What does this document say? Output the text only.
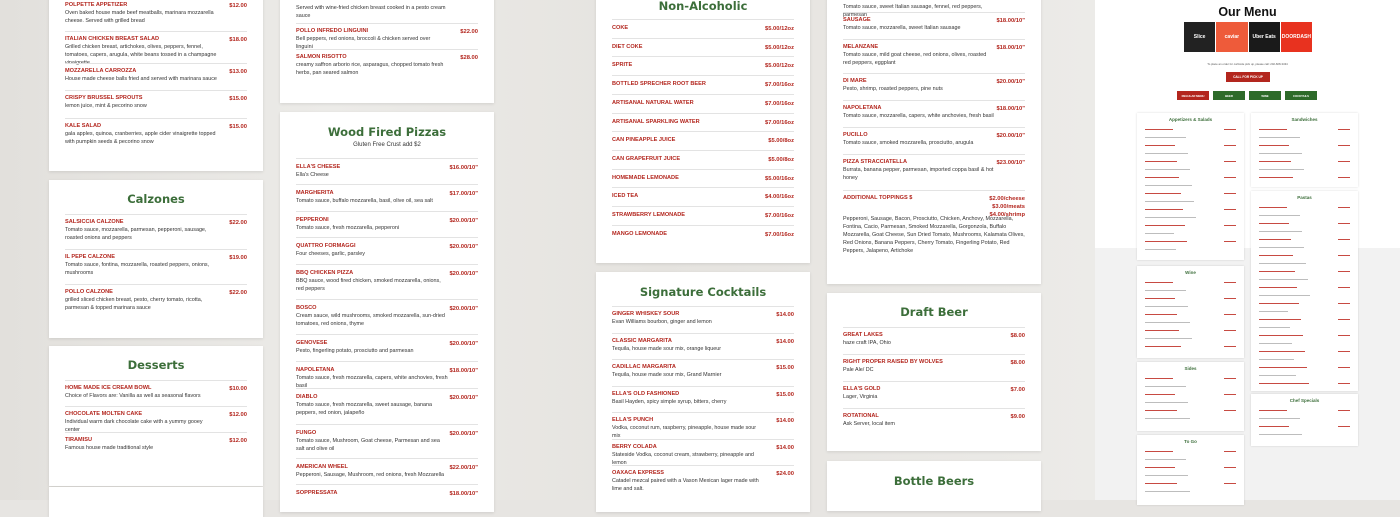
POLPETTE APPETIZER
Oven baked house made beef meatballs, marinara mozzarella cheese. Served with grilled bread
$12.00
ITALIAN CHICKEN BREAST SALAD
Grilled chicken breast, artichokes, olives, peppers, fennel, tomatoes, capers, arugula, white beans tossed in a champagne vinaigrette
$18.00
MOZZARELLA CARROZZA
House made cheese balls fried and served with marinara sauce
$13.00
CRISPY BRUSSEL SPROUTS
lemon juice, mint & pecorino snow
$15.00
KALE SALAD
gala apples, quinoa, cranberries, apple cider vinaigrette topped with pumpkin seeds & pecorino snow
$15.00
Calzones
SALSICCIA CALZONE
Tomato sauce, mozzarella, parmesan, pepperoni, sausage, roasted onions and peppers
$22.00
IL PEPE CALZONE
Tomato sauce, fontina, mozzarella, roasted peppers, onions, mushrooms
$19.00
POLLO CALZONE
grilled sliced chicken breast, pesto, cherry tomato, ricotta, parmesan & topped marinara sauce
$22.00
Desserts
HOME MADE ICE CREAM BOWL
Choice of Flavors are: Vanilla as well as seasonal flavors
$10.00
CHOCOLATE MOLTEN CAKE
Individual warm dark chocolate cake with a yummy gooey center
$12.00
TIRAMISU
Famous house made traditional style
$12.00
Served with wine-fried chicken breast cooked in a pesto cream sauce
POLLO INFREDO LINGUINI
Bell peppers, red onions, broccoli & chicken served over linguini
$22.00
SALMON RISOTTO
creamy saffron arborio rice, asparagus, chopped tomato fresh herbs, pan seared salmon
$28.00
Wood Fired Pizzas
Gluten Free Crust add $2
ELLA'S CHEESE
Ella's Cheese
$16.00/10"
MARGHERITA
Tomato sauce, buffalo mozzarella, basil, olive oil, sea salt
$17.00/10"
PEPPERONI
Tomato sauce, fresh mozzarella, pepperoni
$20.00/10"
QUATTRO FORMAGGI
Four cheeses, garlic, parsley
$20.00/10"
BBQ CHICKEN PIZZA
BBQ sauce, wood fired chicken, smoked mozzarella, onions, red peppers
$20.00/10"
BOSCO
Cream sauce, wild mushrooms, smoked mozzarella, sun-dried tomatoes, red onions, thyme
$20.00/10"
GENOVESE
Pesto, fingerling potato, prosciutto and parmesan
$20.00/10"
NAPOLETANA
Tomato sauce, fresh mozzarella, capers, white anchovies, fresh basil
$18.00/10"
DIABLO
Tomato sauce, fresh mozzarella, sweet sausage, banana peppers, red onion, jalapeño
$20.00/10"
FUNGO
Tomato sauce, Mushroom, Goat cheese, Parmesan and sea salt and olive oil
$20.00/10"
AMERICAN WHEEL
Pepperoni, Sausage, Mushroom, red onions, fresh Mozzarella
$22.00/10"
SOPPRESSATA	$18.00/10"
Non-Alcoholic
COKE	$5.00/12oz
DIET COKE	$5.00/12oz
SPRITE	$5.00/12oz
BOTTLED SPRECHER ROOT BEER	$7.00/16oz
ARTISANAL NATURAL WATER	$7.00/16oz
ARTISANAL SPARKLING WATER	$7.00/16oz
CAN PINEAPPLE JUICE	$5.00/8oz
CAN GRAPEFRUIT JUICE	$5.00/8oz
HOMEMADE LEMONADE	$5.00/16oz
ICED TEA	$4.00/16oz
STRAWBERRY LEMONADE	$7.00/16oz
MANGO LEMONADE	$7.00/16oz
Signature Cocktails
GINGER WHISKEY SOUR
Evan Williams bourbon, ginger and lemon
$14.00
CLASSIC MARGARITA
Tequila, house made sour mix, orange liqueur
$14.00
CADILLAC MARGARITA
Tequila, house made sour mix, Grand Marnier
$15.00
ELLA'S OLD FASHIONED
Basil Hayden, spicy simple syrup, bitters, cherry
$15.00
ELLA'S PUNCH
Vodka, coconut rum, raspberry, pineapple, house made sour mix
$14.00
BERRY COLADA
Stateside Vodka, coconut cream, strawberry, pineapple and lemon
$14.00
OAXACA EXPRESS
Catadel mezcal paired with a Vason Mexican lager made with lime and salt.
$24.00
Tomato sauce, sweet Italian sausage, fennel, red peppers, parmesan
SAUSAGE
Tomato sauce, mozzarella, sweet Italian sausage
$18.00/10"
MELANZANE
Tomato sauce, mild goat cheese, red onions, olives, roasted red peppers, eggplant
$18.00/10"
DI MARE
Pesto, shrimp, roasted peppers, pine nuts
$20.00/10"
NAPOLETANA
Tomato sauce, mozzarella, capers, white anchovies, fresh basil
$18.00/10"
PUCILLO
Tomato sauce, smoked mozzarella, prosciutto, arugula
$20.00/10"
PIZZA STRACCIATELLA
Burrata, banana pepper, parmesan, imported coppa basil & hot honey
$23.00/10"
ADDITIONAL TOPPINGS $
Pepperoni, Sausage, Bacon, Prosciutto, Chicken, Anchovy, Mozzarella, Fontina, Cacio, Parmesan, Smoked Mozzarella, Gorgonzola, Buffalo Mozzarella, Goat Cheese, Sun Dried Tomato, Mushrooms, Kalamata Olives, Red Onions, Banana Peppers, Cherry Tomato, Fingerling Potato, Red Peppers, Jalapeno, Artichoke
$2.00/cheese
$3.00/meats
$4.00/shrimp
Draft Beer
GREAT LAKES
haze craft IPA, Ohio
$8.00
RIGHT PROPER RAISED BY WOLVES
Pale Ale/ DC
$8.00
ELLA'S GOLD
Lager, Virginia
$7.00
ROTATIONAL
Ask Server, local item
$9.00
Bottle Beers
Our Menu
Slice	caviar	Uber Eats	DOORDASH
To place an order for curbside pick up, please call: 202-608-3434
CALL FOR PICK UP
REGULAR MENU	BEER	WINE	COCKTAILS
Appetizers & Salads	Sandwiches
Pastas
Wine
Sides
Chef Specials
To Go
